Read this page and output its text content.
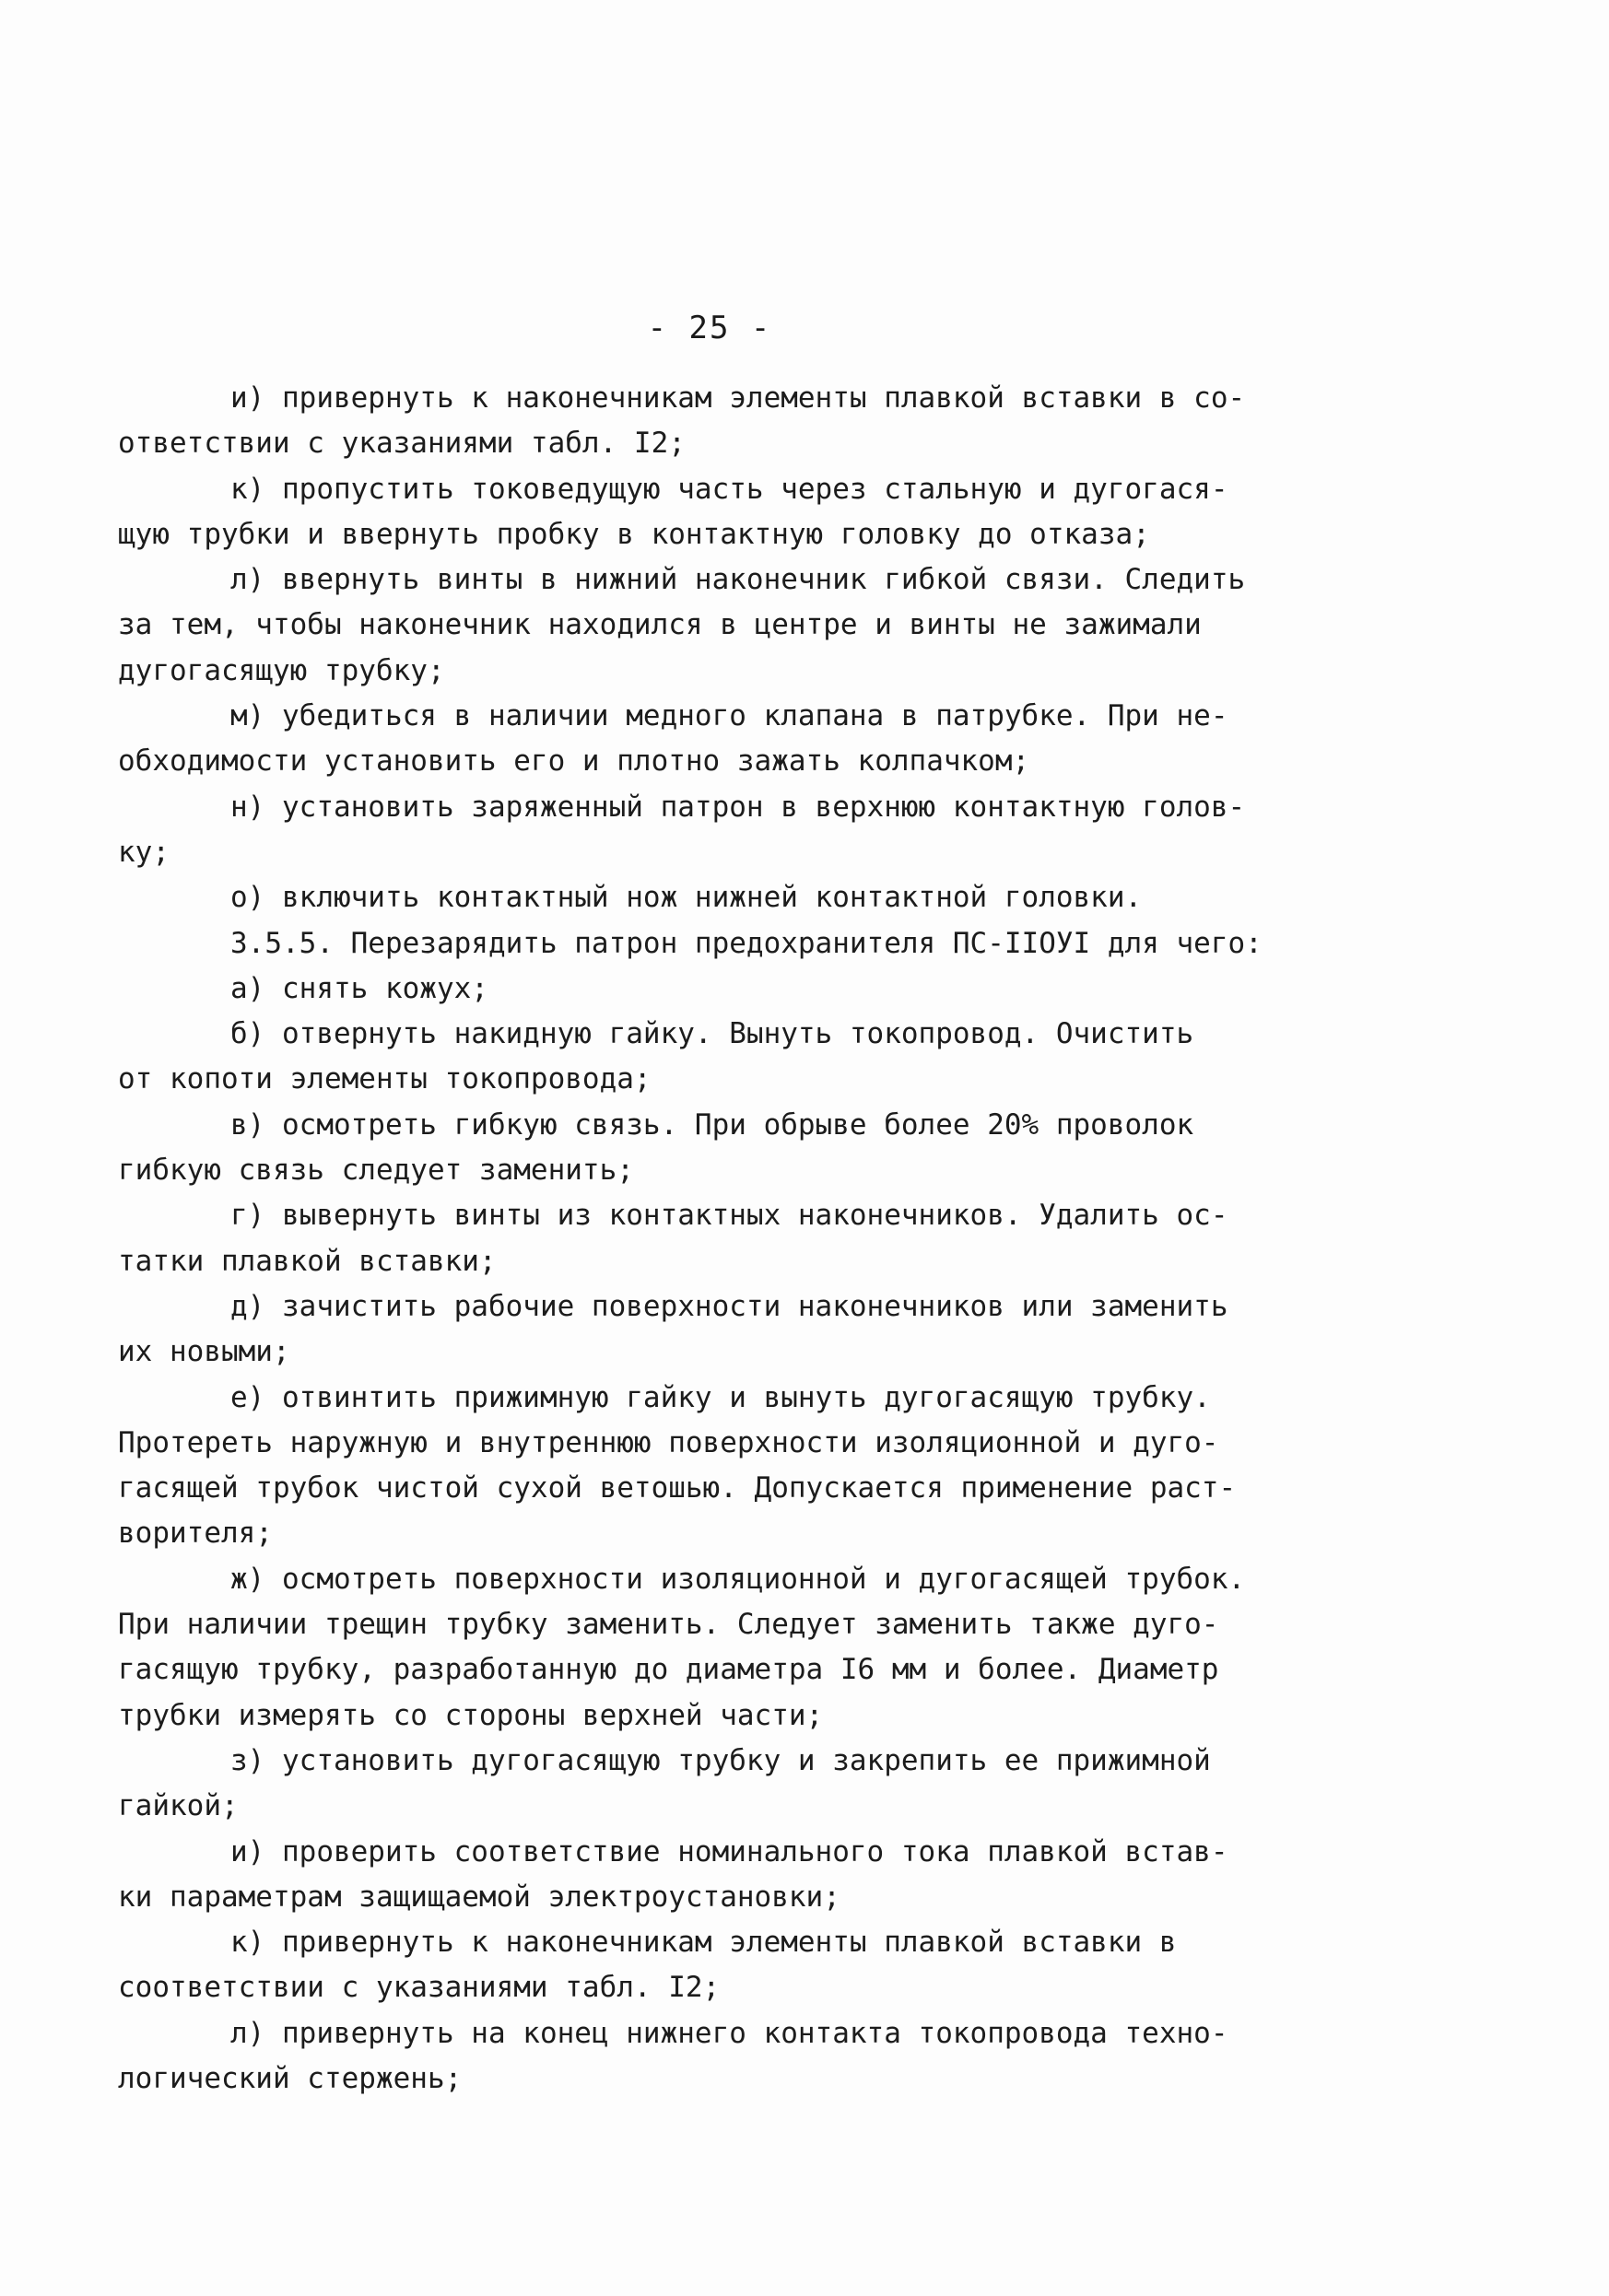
- 25 -
и) привернуть к наконечникам элементы плавкой вставки в со-
ответствии с указаниями табл. I2;
к) пропустить токоведущую часть через стальную и дугогася-
щую трубки и ввернуть пробку в контактную головку до отказа;
л) ввернуть винты в нижний наконечник гибкой связи. Следить
за тем, чтобы наконечник находился в центре и винты не зажимали
дугогасящую трубку;
м) убедиться в наличии медного клапана в патрубке. При не-
обходимости установить его и плотно зажать колпачком;
н) установить заряженный патрон в верхнюю контактную голов-
ку;
о) включить контактный нож нижней контактной головки.
3.5.5. Перезарядить патрон предохранителя ПС-IIОУI для чего:
а) снять кожух;
б) отвернуть накидную гайку. Вынуть токопровод. Очистить
от копоти элементы токопровода;
в) осмотреть гибкую связь. При обрыве более 20% проволок
гибкую связь следует заменить;
г) вывернуть винты из контактных наконечников. Удалить ос-
татки плавкой вставки;
д) зачистить рабочие поверхности наконечников или заменить
их новыми;
е) отвинтить прижимную гайку и вынуть дугогасящую трубку.
Протереть наружную и внутреннюю поверхности изоляционной и дуго-
гасящей трубок чистой сухой ветошью. Допускается применение раст-
ворителя;
ж) осмотреть поверхности изоляционной и дугогасящей трубок.
При наличии трещин трубку заменить. Следует заменить также дуго-
гасящую трубку, разработанную до диаметра I6 мм и более. Диаметр
трубки измерять со стороны верхней части;
з) установить дугогасящую трубку и закрепить ее прижимной
гайкой;
и) проверить соответствие номинального тока плавкой встав-
ки параметрам защищаемой электроустановки;
к) привернуть к наконечникам элементы плавкой вставки в
соответствии с указаниями табл. I2;
л) привернуть на конец нижнего контакта токопровода техно-
логический стержень;
